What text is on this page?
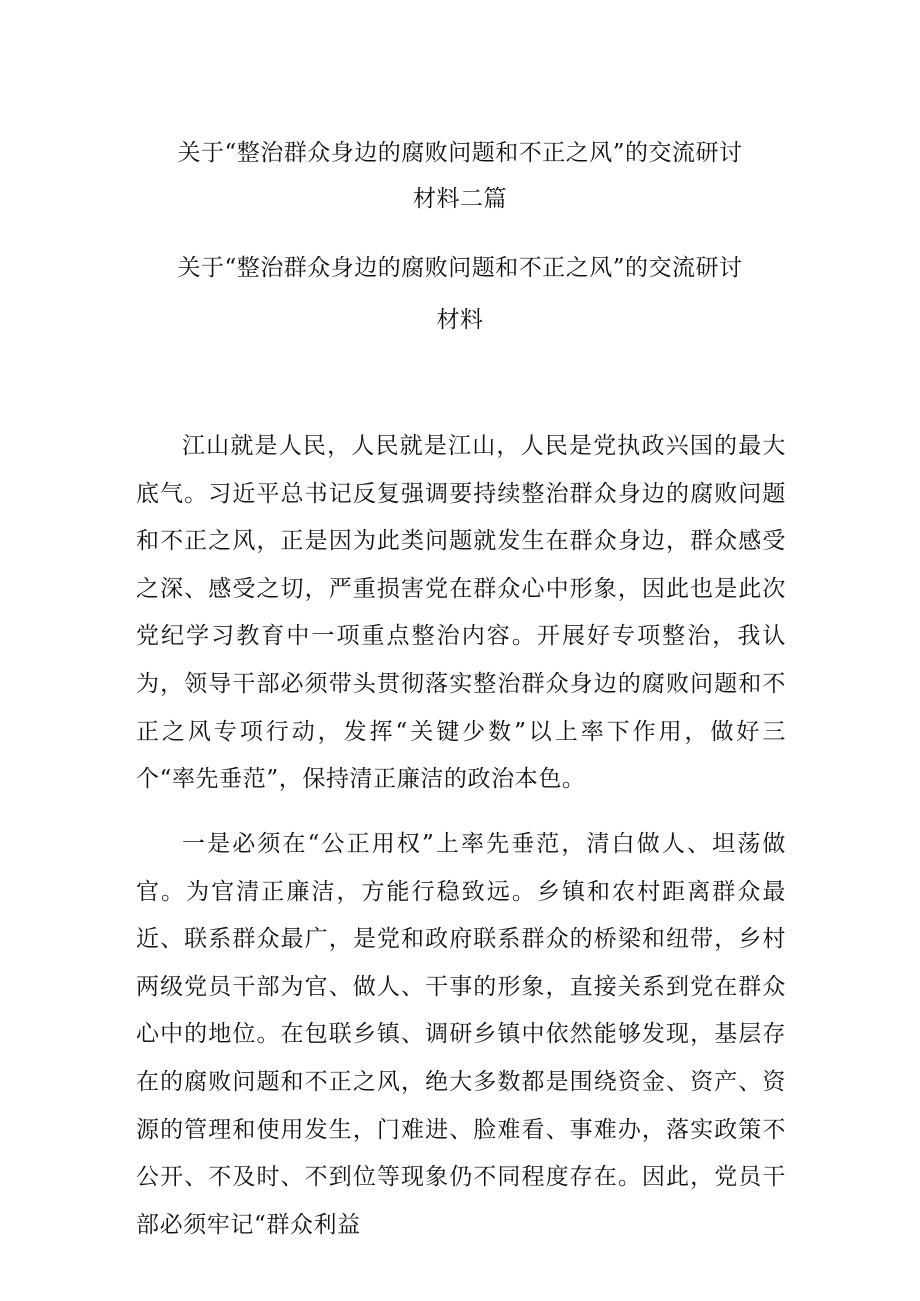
关于“整治群众身边的腐败问题和不正之风”的交流研讨
材料二篇
关于“整治群众身边的腐败问题和不正之风”的交流研讨
材料

江山就是人民，人民就是江山，人民是党执政兴国的最大底气。习近平总书记反复强调要持续整治群众身边的腐败问题和不正之风，正是因为此类问题就发生在群众身边，群众感受之深、感受之切，严重损害党在群众心中形象，因此也是此次党纪学习教育中一项重点整治内容。开展好专项整治，我认为，领导干部必须带头贯彻落实整治群众身边的腐败问题和不正之风专项行动，发挥“关键少数”以上率下作用，做好三个“率先垂范”，保持清正廉洁的政治本色。

一是必须在“公正用权”上率先垂范，清白做人、坦荡做官。为官清正廉洁，方能行稳致远。乡镇和农村距离群众最近、联系群众最广，是党和政府联系群众的桥梁和纽带，乡村两级党员干部为官、做人、干事的形象，直接关系到党在群众心中的地位。在包联乡镇、调研乡镇中依然能够发现，基层存在的腐败问题和不正之风，绝大多数都是围绕资金、资产、资源的管理和使用发生，门难进、脸难看、事难办，落实政策不公开、不及时、不到位等现象仍不同程度存在。因此，党员干部必须牢记“群众利益
